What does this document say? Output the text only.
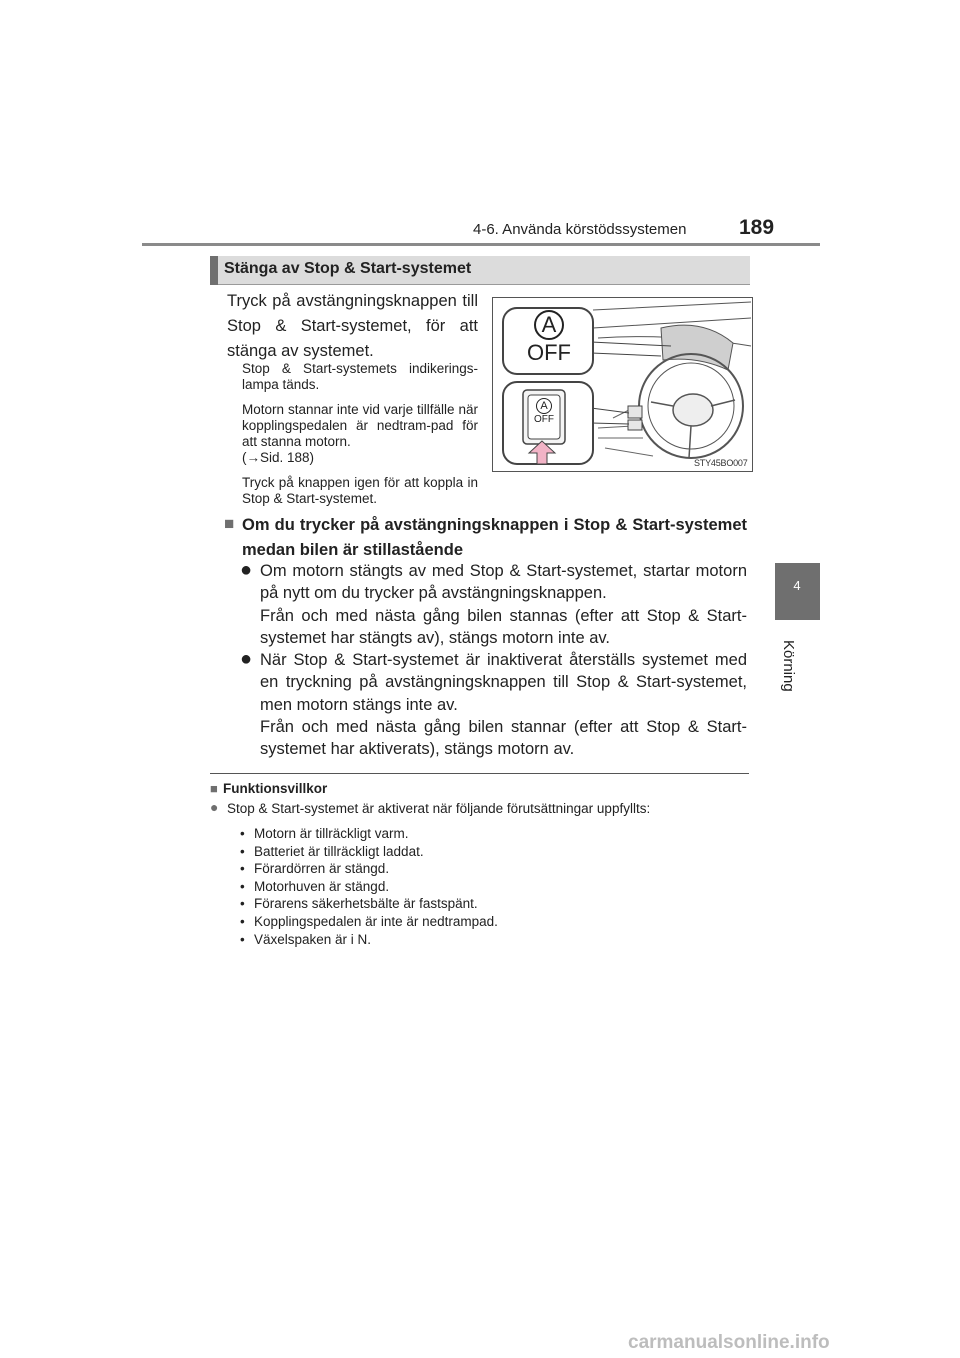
4-6. Använda körstödssystemen	189
4
Körning
Stänga av Stop & Start-systemet
Tryck på avstängningsknappen till Stop & Start-systemet, för att stänga av systemet.
Stop & Start-systemets indikerings-lampa tänds.
Motorn stannar inte vid varje tillfälle när kopplingspedalen är nedtram-pad för att stanna motorn.
(→Sid. 188)
Tryck på knappen igen för att koppla in Stop & Start-systemet.
A
OFF
A
OFF
STY45BO007
■ Om du trycker på avstängningsknappen i Stop & Start-systemet medan bilen är stillastående
● Om motorn stängts av med Stop & Start-systemet, startar motorn på nytt om du trycker på avstängningsknappen.
Från och med nästa gång bilen stannas (efter att Stop & Start-systemet har stängts av), stängs motorn inte av.
● När Stop & Start-systemet är inaktiverat återställs systemet med en tryckning på avstängningsknappen till Stop & Start-systemet, men motorn stängs inte av.
Från och med nästa gång bilen stannar (efter att Stop & Start-systemet har aktiverats), stängs motorn av.
■ Funktionsvillkor
● Stop & Start-systemet är aktiverat när följande förutsättningar uppfyllts:
• Motorn är tillräckligt varm.
• Batteriet är tillräckligt laddat.
• Förardörren är stängd.
• Motorhuven är stängd.
• Förarens säkerhetsbälte är fastspänt.
• Kopplingspedalen är inte är nedtrampad.
• Växelspaken är i N.
carmanualsonline.info
